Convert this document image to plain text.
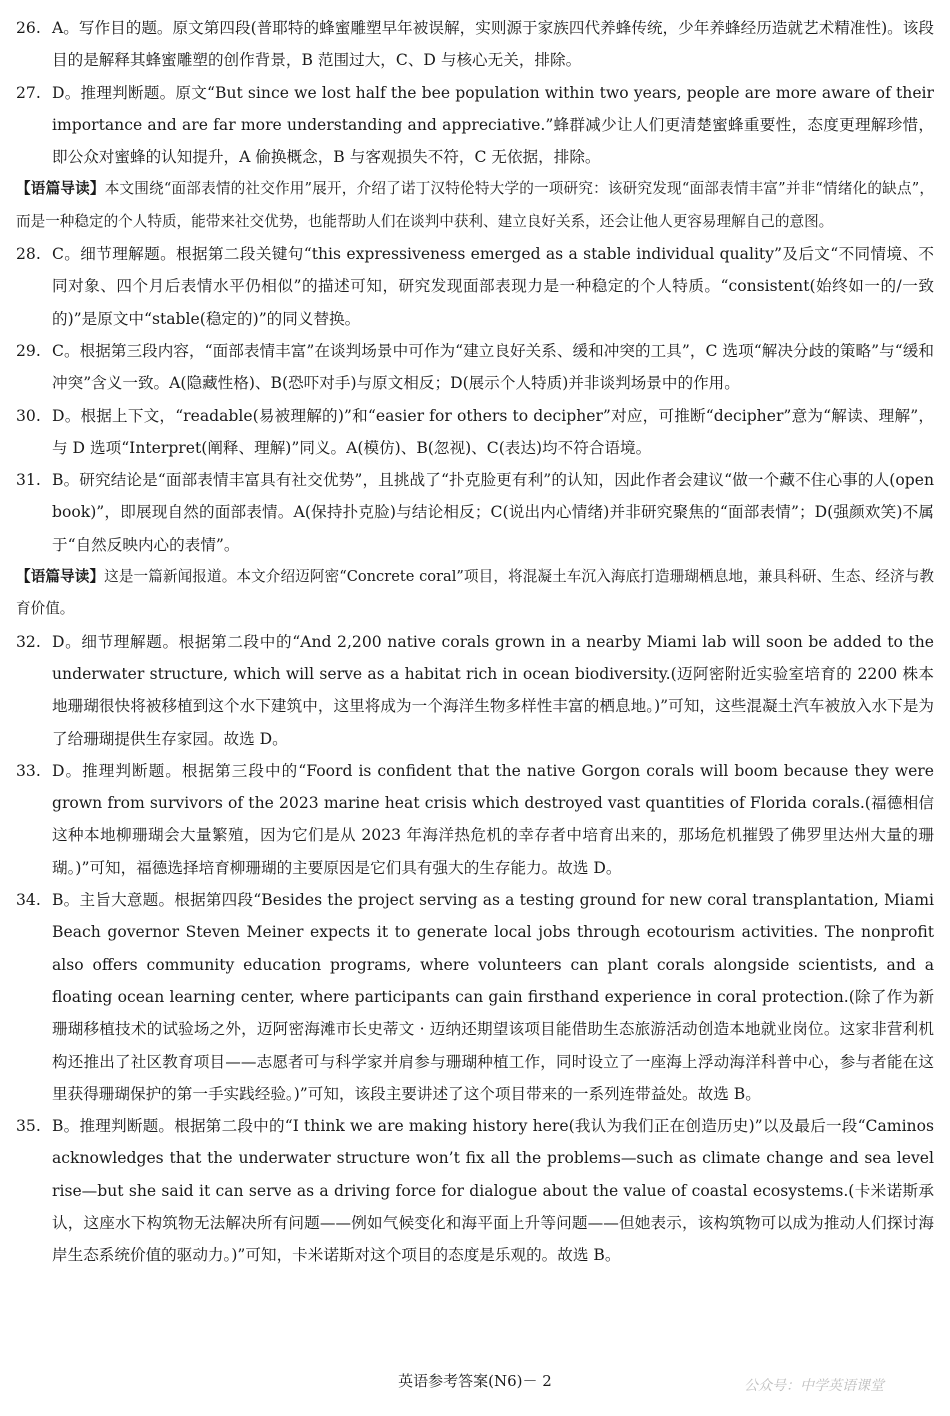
26. A。写作目的题。原文第四段(普耶特的蜂蜜雕塑早年被误解，实则源于家族四代养蜂传统，少年养蜂经历造就艺术精准性)。该段目的是解释其蜂蜜雕塑的创作背景，B 范围过大，C、D 与核心无关，排除。

27. D。推理判断题。原文“But since we lost half the bee population within two years, people are more aware of their importance and are far more understanding and appreciative.”蜂群减少让人们更清楚蜜蜂重要性，态度更理解珍惜，即公众对蜜蜂的认知提升，A 偷换概念，B 与客观损失不符，C 无依据，排除。

【语篇导读】本文围绕“面部表情的社交作用”展开，介绍了诺丁汉特伦特大学的一项研究：该研究发现“面部表情丰富”并非“情绪化的缺点”，而是一种稳定的个人特质，能带来社交优势，也能帮助人们在谈判中获利、建立良好关系，还会让他人更容易理解自己的意图。

28. C。细节理解题。根据第二段关键句“this expressiveness emerged as a stable individual quality”及后文“不同情境、不同对象、四个月后表情水平仍相似”的描述可知，研究发现面部表现力是一种稳定的个人特质。“consistent(始终如一的/一致的)”是原文中“stable(稳定的)”的同义替换。

29. C。根据第三段内容，“面部表情丰富”在谈判场景中可作为“建立良好关系、缓和冲突的工具”，C 选项“解决分歧的策略”与“缓和冲突”含义一致。A(隐藏性格)、B(恐吓对手)与原文相反；D(展示个人特质)并非谈判场景中的作用。

30. D。根据上下文，“readable(易被理解的)”和“easier for others to decipher”对应，可推断“decipher”意为“解读、理解”，与 D 选项“Interpret(阐释、理解)”同义。A(模仿)、B(忽视)、C(表达)均不符合语境。

31. B。研究结论是“面部表情丰富具有社交优势”，且挑战了“扑克脸更有利”的认知，因此作者会建议“做一个藏不住心事的人(open book)”，即展现自然的面部表情。A(保持扑克脸)与结论相反；C(说出内心情绪)并非研究聚焦的“面部表情”；D(强颜欢笑)不属于“自然反映内心的表情”。

【语篇导读】这是一篇新闻报道。本文介绍迈阿密“Concrete coral”项目，将混凝土车沉入海底打造珊瑚栖息地，兼具科研、生态、经济与教育价值。

32. D。细节理解题。根据第二段中的“And 2,200 native corals grown in a nearby Miami lab will soon be added to the underwater structure, which will serve as a habitat rich in ocean biodiversity.(迈阿密附近实验室培育的 2200 株本地珊瑚很快将被移植到这个水下建筑中，这里将成为一个海洋生物多样性丰富的栖息地。)”可知，这些混凝土汽车被放入水下是为了给珊瑚提供生存家园。故选 D。

33. D。推理判断题。根据第三段中的“Foord is confident that the native Gorgon corals will boom because they were grown from survivors of the 2023 marine heat crisis which destroyed vast quantities of Florida corals.(福德相信这种本地柳珊瑚会大量繁殖，因为它们是从 2023 年海洋热危机的幸存者中培育出来的，那场危机摧毁了佛罗里达州大量的珊瑚。)”可知，福德选择培育柳珊瑚的主要原因是它们具有强大的生存能力。故选 D。

34. B。主旨大意题。根据第四段“Besides the project serving as a testing ground for new coral transplantation, Miami Beach governor Steven Meiner expects it to generate local jobs through ecotourism activities. The nonprofit also offers community education programs, where volunteers can plant corals alongside scientists, and a floating ocean learning center, where participants can gain firsthand experience in coral protection.(除了作为新珊瑚移植技术的试验场之外，迈阿密海滩市长史蒂文 · 迈纳还期望该项目能借助生态旅游活动创造本地就业岗位。这家非营利机构还推出了社区教育项目——志愿者可与科学家并肩参与珊瑚种植工作，同时设立了一座海上浮动海洋科普中心，参与者能在这里获得珊瑚保护的第一手实践经验。)”可知，该段主要讲述了这个项目带来的一系列连带益处。故选 B。

35. B。推理判断题。根据第二段中的“I think we are making history here(我认为我们正在创造历史)”以及最后一段“Caminos acknowledges that the underwater structure won’t fix all the problems—such as climate change and sea level rise—but she said it can serve as a driving force for dialogue about the value of coastal ecosystems.(卡米诺斯承认，这座水下构筑物无法解决所有问题——例如气候变化和海平面上升等问题——但她表示，该构筑物可以成为推动人们探讨海岸生态系统价值的驱动力。)”可知，卡米诺斯对这个项目的态度是乐观的。故选 B。

英语参考答案(N6)－ 2	公众号：中学英语课堂
